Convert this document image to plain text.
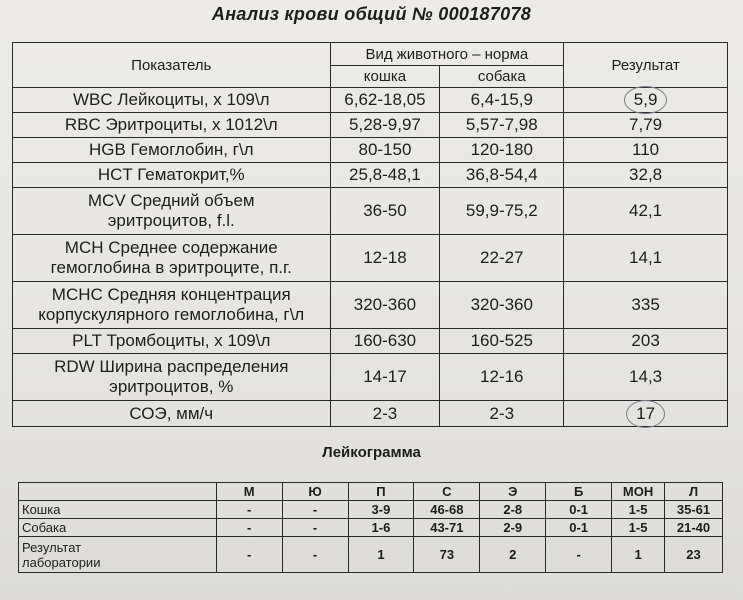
Анализ крови общий № 000187078
Показатель	Вид животного – норма		Результат
	кошка	собака	
WBC Лейкоциты, х 109\л	6,62-18,05	6,4-15,9	5,9
RBC Эритроциты, х 1012\л	5,28-9,97	5,57-7,98	7,79
HGB Гемоглобин, г\л	80-150	120-180	110
HCT Гематокрит,%	25,8-48,1	36,8-54,4	32,8

MCV Средний объем
эритроцитов, f.l.	36-50	59,9-75,2	42,1

MCH Среднее содержание
гемоглобина в эритроците, п.г.	12-18	22-27	14,1

MCHC Средняя концентрация
корпускулярного гемоглобина, г\л	320-360	320-360	335
PLT Тромбоциты, х 109\л	160-630	160-525	203

RDW Ширина распределения
эритроцитов, %	14-17	12-16	14,3
СОЭ, мм/ч	2-3	2-3	17
Лейкограмма
	М	Ю	П	С	Э	Б	МОН	Л
Кошка	-	-	3-9	46-68	2-8	0-1	1-5	35-61
Собака	-	-	1-6	43-71	2-9	0-1	1-5	21-40

Результат
лаборатории	-	-	1	73	2	-	1	23
